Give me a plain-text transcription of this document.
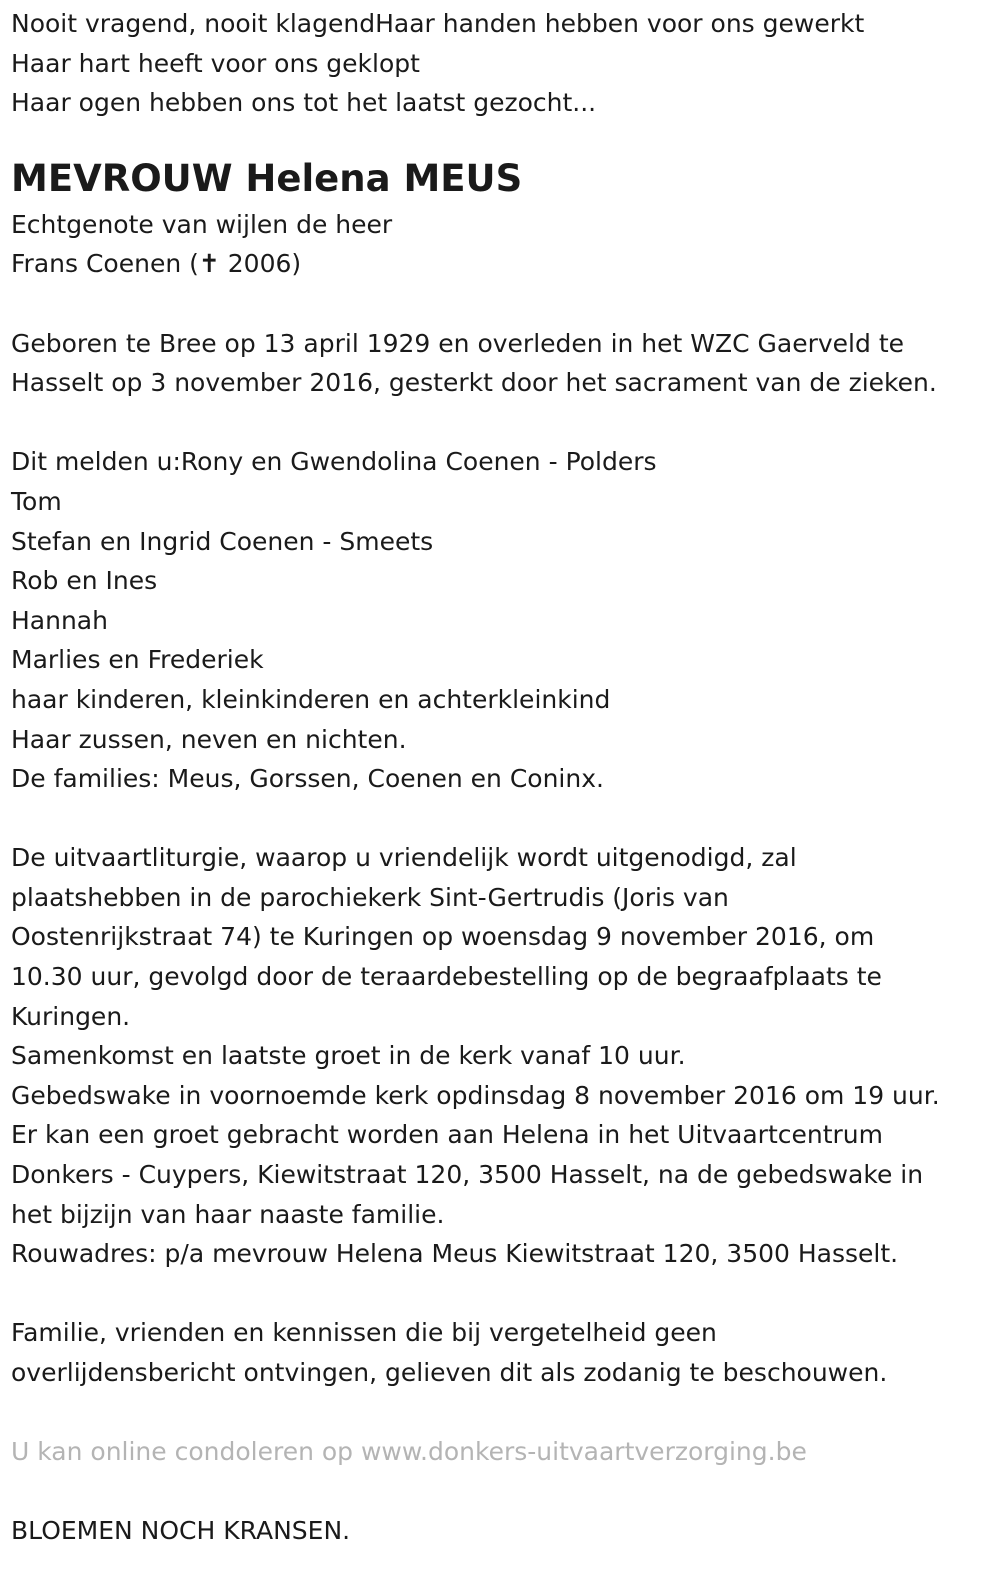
Nooit vragend, nooit klagendHaar handen hebben voor ons gewerkt
Haar hart heeft voor ons geklopt
Haar ogen hebben ons tot het laatst gezocht...
MEVROUW Helena MEUS
Echtgenote van wijlen de heer
Frans Coenen (✝ 2006)
Geboren te Bree op 13 april 1929 en overleden in het WZC Gaerveld te
Hasselt op 3 november 2016, gesterkt door het sacrament van de zieken.
Dit melden u:Rony en Gwendolina Coenen - Polders
Tom
Stefan en Ingrid Coenen - Smeets
Rob en Ines
Hannah
Marlies en Frederiek
haar kinderen, kleinkinderen en achterkleinkind
Haar zussen, neven en nichten.
De families: Meus, Gorssen, Coenen en Coninx.
De uitvaartliturgie, waarop u vriendelijk wordt uitgenodigd, zal
plaatshebben in de parochiekerk Sint-Gertrudis (Joris van
Oostenrijkstraat 74) te Kuringen op woensdag 9 november 2016, om
10.30 uur, gevolgd door de teraardebestelling op de begraafplaats te
Kuringen.
Samenkomst en laatste groet in de kerk vanaf 10 uur.
Gebedswake in voornoemde kerk opdinsdag 8 november 2016 om 19 uur.
Er kan een groet gebracht worden aan Helena in het Uitvaartcentrum
Donkers - Cuypers, Kiewitstraat 120, 3500 Hasselt, na de gebedswake in
het bijzijn van haar naaste familie.
Rouwadres: p/a mevrouw Helena Meus Kiewitstraat 120, 3500 Hasselt.
Familie, vrienden en kennissen die bij vergetelheid geen
overlijdensbericht ontvingen, gelieven dit als zodanig te beschouwen.
U kan online condoleren op www.donkers-uitvaartverzorging.be
BLOEMEN NOCH KRANSEN.
